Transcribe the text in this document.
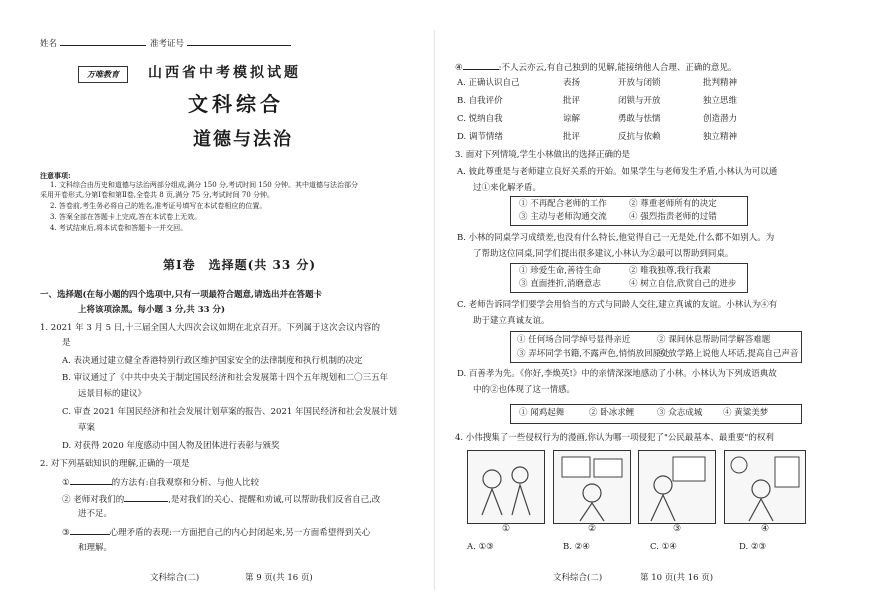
姓名	准考证号
万唯教育	山西省中考模拟试题
文科综合
道德与法治
注意事项:
1. 文科综合由历史和道德与法治两部分组成,满分 150 分,考试时间 150 分钟。其中道德与法治部分
采用开卷形式,分第Ⅰ卷和第Ⅱ卷,全卷共 8 页,满分 75 分,考试时间 70 分钟。
2. 答卷前,考生务必将自己的姓名,准考证号填写在本试卷相应的位置。
3. 答案全部在答题卡上完成,答在本试卷上无效。
4. 考试结束后,将本试卷和答题卡一并交回。
第Ⅰ卷　选择题(共 33 分)
一、选择题(在每小题的四个选项中,只有一项最符合题意,请选出并在答题卡
上将该项涂黑。每小题 3 分,共 33 分)
1. 2021 年 3 月 5 日,十三届全国人大四次会议如期在北京召开。下列属于这次会议内容的
是
A. 表决通过建立健全香港特别行政区维护国家安全的法律制度和执行机制的决定
B. 审议通过了《中共中央关于制定国民经济和社会发展第十四个五年规划和二〇三五年
远景目标的建议》
C. 审查 2021 年国民经济和社会发展计划草案的报告、2021 年国民经济和社会发展计划
草案
D. 对获得 2020 年度感动中国人物及团体进行表彰与颁奖
2. 对下列基础知识的理解,正确的一项是
①	的方法有:自我观察和分析、与他人比较
② 老师对我们的	,是对我们的关心、提醒和劝诫,可以帮助我们反省自己,改
进不足。
③	心理矛盾的表现:一方面把自己的内心封闭起来,另一方面希望得到关心
和理解。
文科综合(二)	第 9 页(共 16 页)
④	:不人云亦云,有自己独到的见解,能接纳他人合理、正确的意见。
A. 正确认识自己	表扬	开放与闭锁	批判精神
B. 自我评价	批评	闭锁与开放	独立思维
C. 悦纳自我	谅解	勇敢与怯懦	创造潜力
D. 调节情绪	批评	反抗与依赖	独立精神
3. 面对下列情境,学生小林做出的选择正确的是
A. 彼此尊重是与老师建立良好关系的开始。如果学生与老师发生矛盾,小林认为可以通
过①来化解矛盾。
① 不再配合老师的工作	② 尊重老师所有的决定
③ 主动与老师沟通交流	④ 强烈指责老师的过错
B. 小林的同桌学习成绩差,也没有什么特长,他觉得自己一无是处,什么都不如别人。为
了帮助这位同桌,同学们提出很多建议,小林认为②最可以帮助到同桌。
① 珍爱生命,善待生命	② 唯我独尊,我行我素
③ 直面挫折,消磨意志	④ 树立自信,欣赏自己的进步
C. 老师告诉同学们要学会用恰当的方式与同龄人交往,建立真诚的友谊。小林认为④有
助于建立真诚友谊。
① 任何场合同学绰号显得亲近	② 课间休息帮助同学解答难题
③ 弄坏同学书籍,不露声色,悄悄放回原处
④ 放学路上说他人坏话,提高自己声音
D. 百善孝为先。《你好,李焕英!》中的亲情深深地感动了小林。小林认为下列成语典故
中的②也体现了这一情感。
① 闻鸡起舞	② 卧冰求鲤	③ 众志成城 ④ 黄粱美梦
4. 小伟搜集了一些侵权行为的漫画,你认为哪一项侵犯了"公民最基本、最重要"的权利
①	②	③	④
A. ①③	B. ②④	C. ①④	D. ②③
文科综合(二)	第 10 页(共 16 页)
